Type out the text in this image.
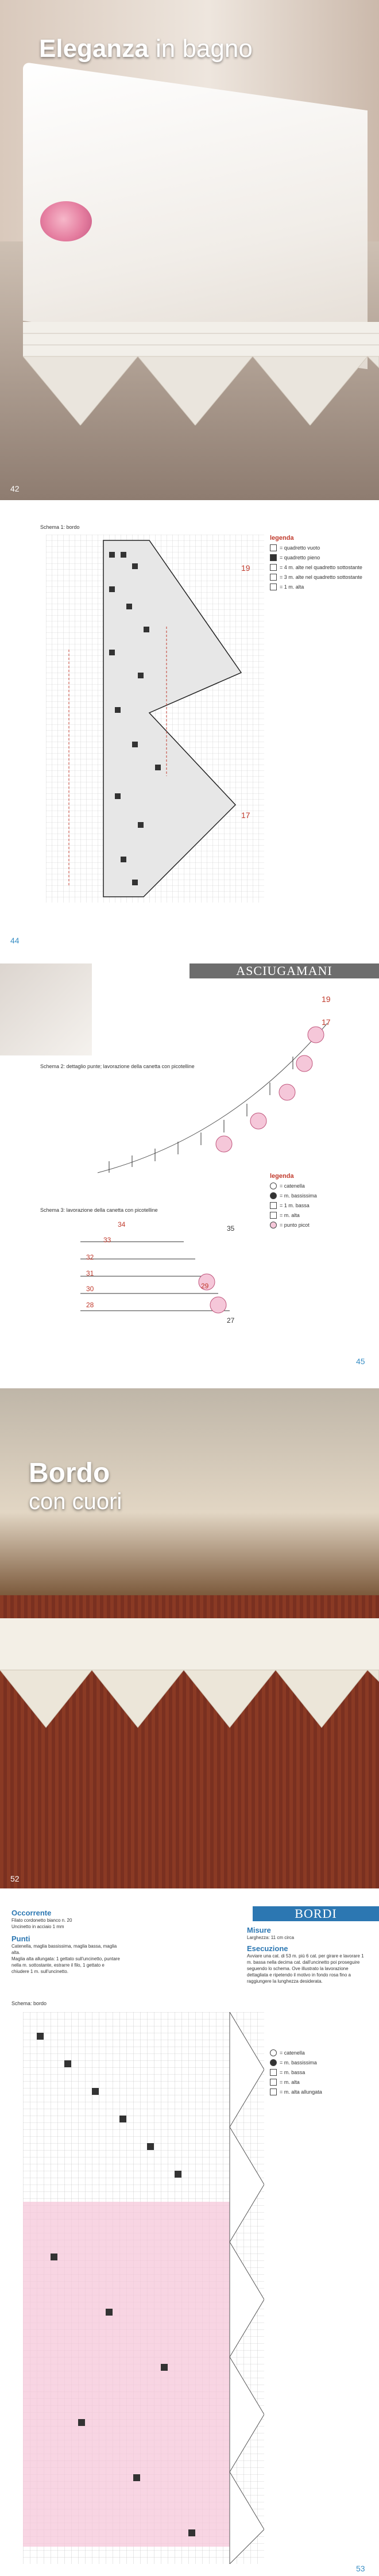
Eleganza in bagno
42
Schema 1: bordo
17
19
legenda
= quadretto vuoto
= quadretto pieno
= 4 m. alte nel quadretto sottostante
= 3 m. alte nel quadretto sottostante
= 1 m. alta
44
ASCIUGAMANI
Schema 2: dettaglio punte; lavorazione della canetta con picotelline
19
17
legenda
= catenella
= m. bassissima
= 1 m. bassa
= m. alta
= punto picot
Schema 3: lavorazione della canetta con picotelline
34
33
32
31
30	29
28
35
27
45
Bordo
con cuori
52
BORDI
Occorrente
Filato cordonetto bianco n. 20
Uncinetto in acciaio 1 mm
Punti
Catenella, maglia bassissima, maglia bassa, maglia alta.
Maglia alta allungata: 1 gettato sull'uncinetto, puntare nella m. sottostante, estrarre il filo, 1 gettato e chiudere 1 m. sull'uncinetto.
Misure
Larghezza: 11 cm circa
Esecuzione
Avviare una cat. di 53 m. più 6 cat. per girare e lavorare 1 m. bassa nella decima cat. dall'uncinetto poi proseguire seguendo lo schema. Ove illustrato la lavorazione dettagliata e ripetendo il motivo in fondo rosa fino a raggiungere la lunghezza desiderata.
Schema: bordo
= catenella
= m. bassissima
= m. bassa
= m. alta
= m. alta allungata
53
